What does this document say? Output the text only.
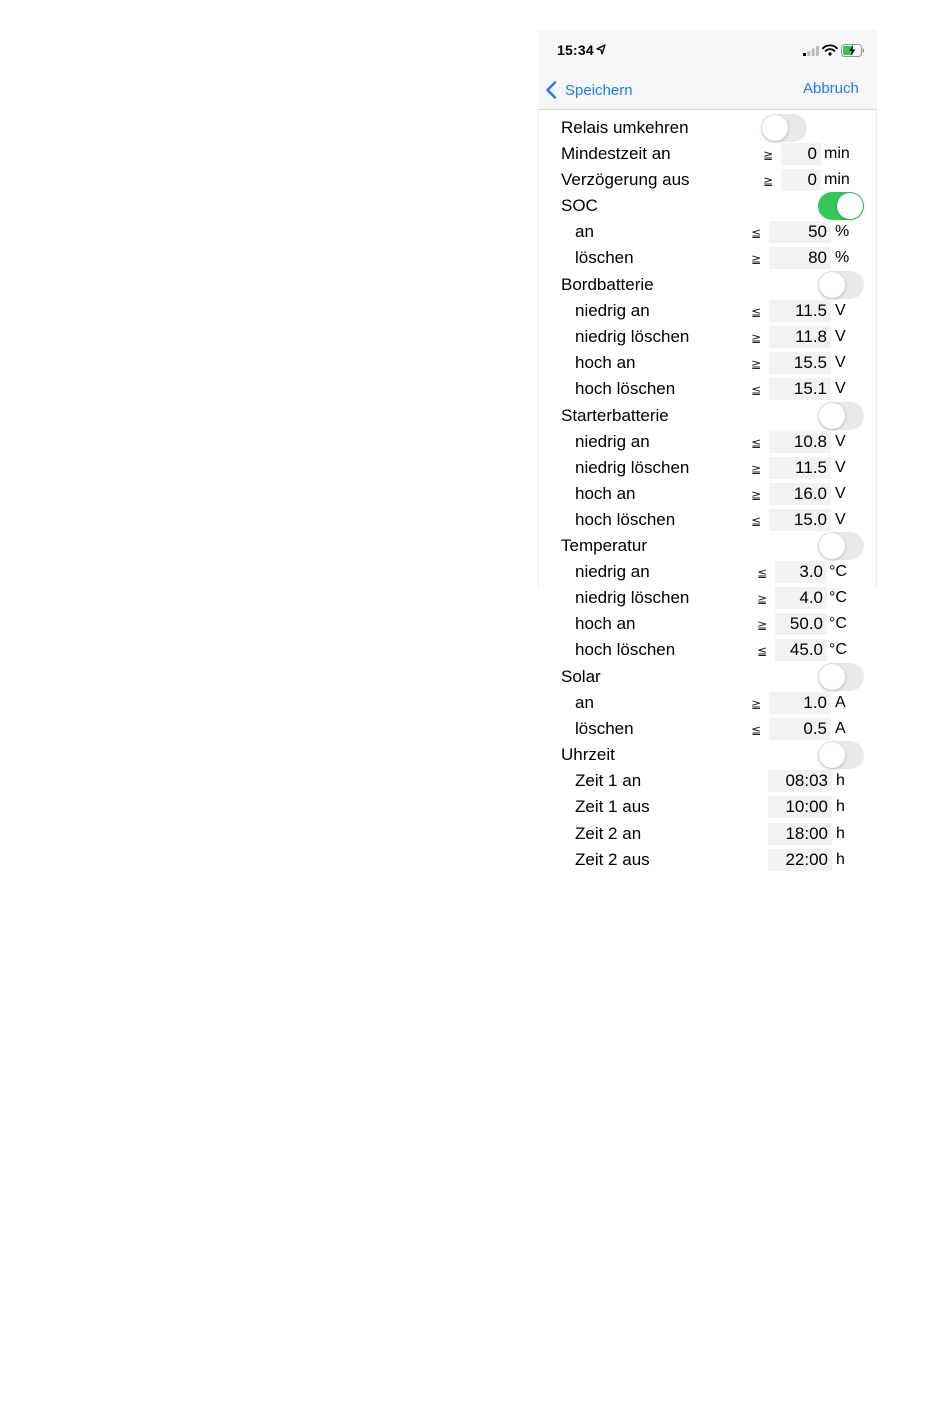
15:34
Speichern	Abbruch
Relais umkehren
Mindestzeit an	≧	0 min
Verzögerung aus	≧	0 min
SOC
an	≦	50 %
löschen	≧	80 %
Bordbatterie
niedrig an	≦	11.5 V
niedrig löschen	≧	11.8 V
hoch an	≧	15.5 V
hoch löschen	≦	15.1 V
Starterbatterie
niedrig an	≦	10.8 V
niedrig löschen	≧	11.5 V
hoch an	≧	16.0 V
hoch löschen	≦	15.0 V
Temperatur
niedrig an	≦	3.0 °C
niedrig löschen	≧	4.0 °C
hoch an	≧	50.0 °C
hoch löschen	≦	45.0 °C
Solar
an	≧	1.0 A
löschen	≦	0.5 A
Uhrzeit
Zeit 1 an	08:03 h
Zeit 1 aus	10:00 h
Zeit 2 an	18:00 h
Zeit 2 aus	22:00 h
